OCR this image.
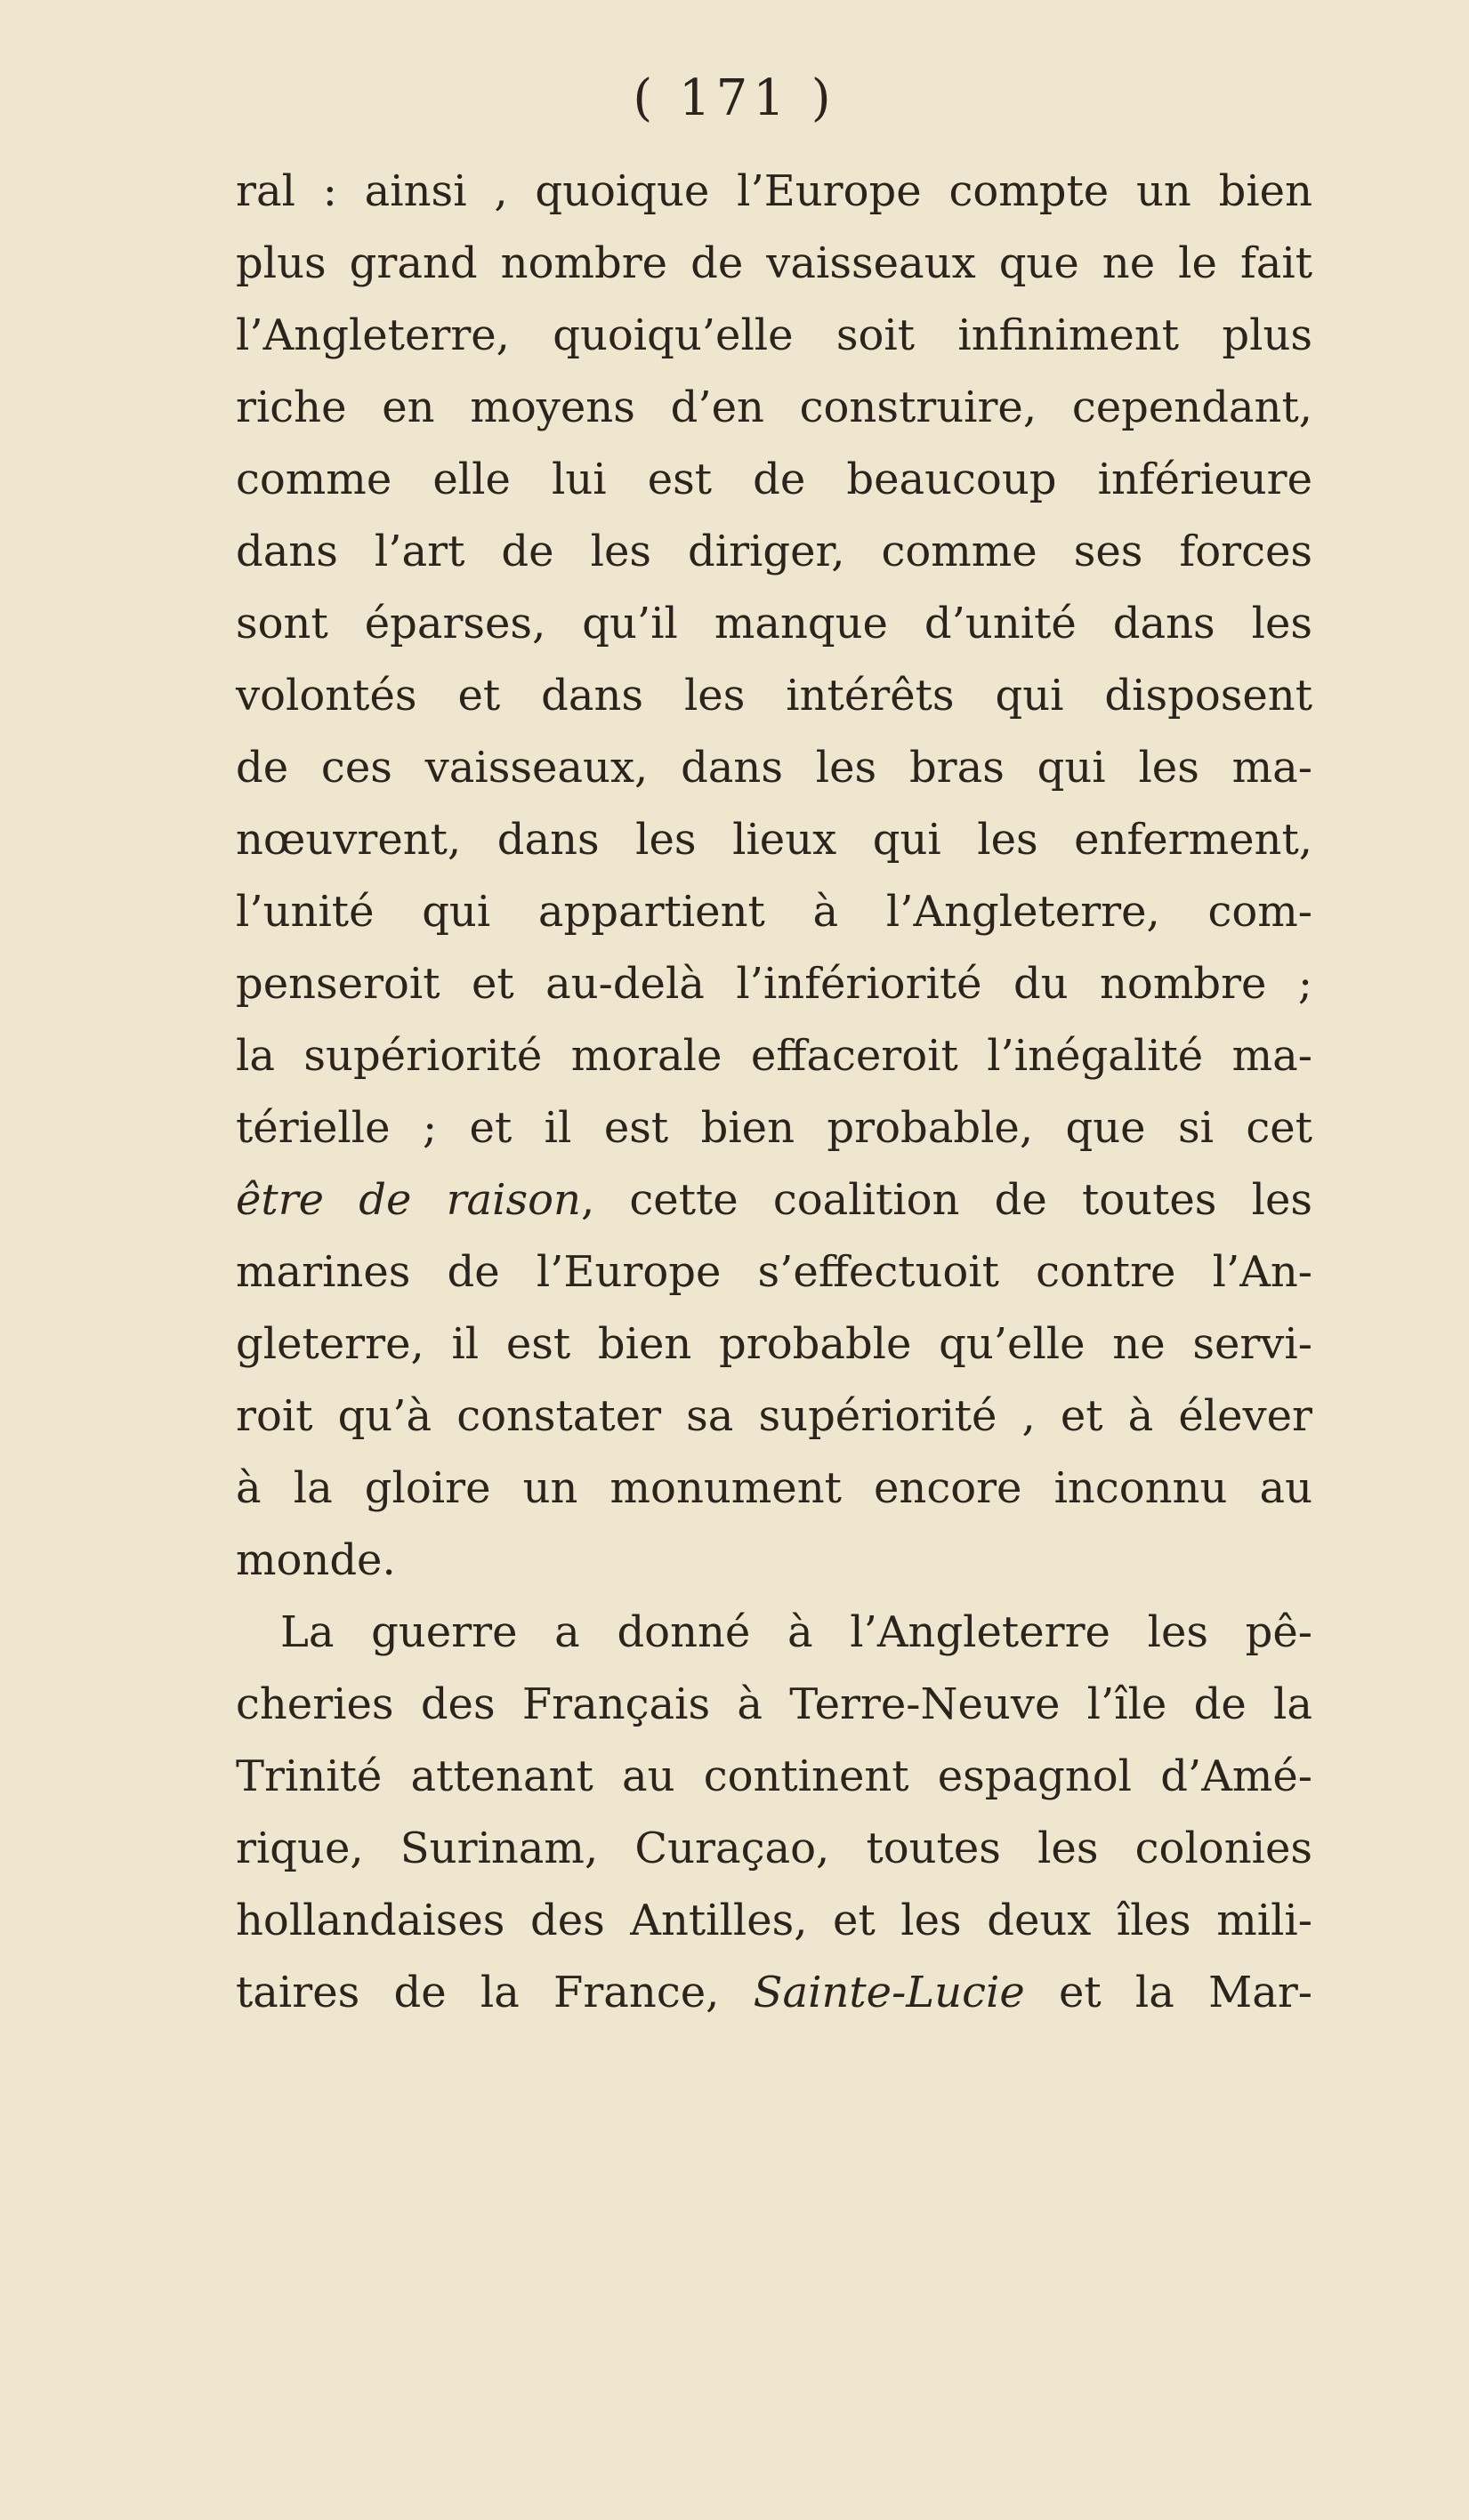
( 171 )

ral : ainsi , quoique l’Europe compte un bien
plus grand nombre de vaisseaux que ne le fait
l’Angleterre, quoiqu’elle soit infiniment plus
riche en moyens d’en construire, cependant,
comme elle lui est de beaucoup inférieure
dans l’art de les diriger, comme ses forces
sont éparses, qu’il manque d’unité dans les
volontés et dans les intérêts qui disposent
de ces vaisseaux, dans les bras qui les ma-
nœuvrent, dans les lieux qui les enferment,
l’unité qui appartient à l’Angleterre, com-
penseroit et au-delà l’infériorité du nombre ;
la supériorité morale effaceroit l’inégalité ma-
térielle ; et il est bien probable, que si cet
être de raison, cette coalition de toutes les
marines de l’Europe s’effectuoit contre l’An-
gleterre, il est bien probable qu’elle ne servi-
roit qu’à constater sa supériorité , et à élever
à la gloire un monument encore inconnu au
monde.
La guerre a donné à l’Angleterre les pê-
cheries des Français à Terre-Neuve l’île de la
Trinité attenant au continent espagnol d’Amé-
rique, Surinam, Curaçao, toutes les colonies
hollandaises des Antilles, et les deux îles mili-
taires de la France, Sainte-Lucie et la Mar-
